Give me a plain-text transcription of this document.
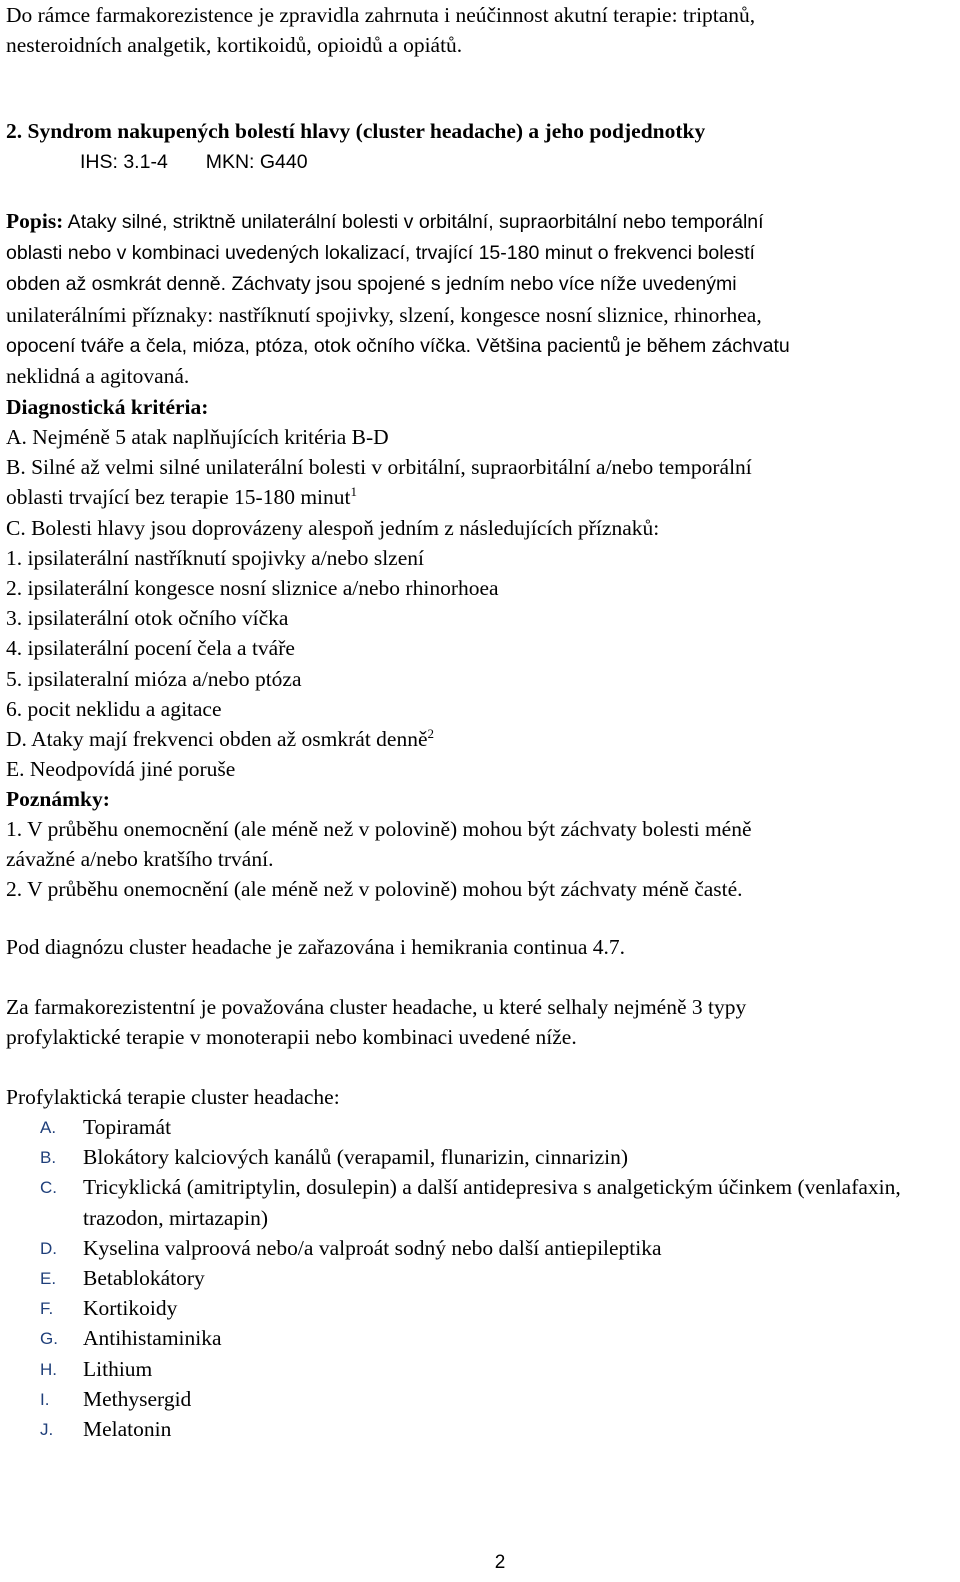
Do rámce farmakorezistence je zpravidla zahrnuta i neúčinnost akutní terapie: triptanů,
nesteroidních analgetik, kortikoidů, opioidů a opiátů.

2. Syndrom nakupených bolestí hlavy (cluster headache) a jeho podjednotky

IHS: 3.1-4       MKN: G440

Popis: Ataky silné, striktně unilaterální bolesti v orbitální, supraorbitální nebo temporální
oblasti nebo v kombinaci uvedených lokalizací, trvající 15-180 minut o frekvenci bolestí
obden až osmkrát denně. Záchvaty jsou spojené s jedním nebo více níže uvedenými
unilaterálními příznaky: nastříknutí spojivky, slzení, kongesce nosní sliznice, rhinorhea,
opocení tváře a čela, mióza, ptóza, otok očního víčka. Většina pacientů je během záchvatu
neklidná a agitovaná.

Diagnostická kritéria:

A. Nejméně 5 atak naplňujících kritéria B-D
B. Silné až velmi silné unilaterální bolesti v orbitální, supraorbitální a/nebo temporální
oblasti trvající bez terapie 15-180 minut$^1$
C. Bolesti hlavy jsou doprovázeny alespoň jedním z následujících příznaků:
1. ipsilaterální nastříknutí spojivky a/nebo slzení
2. ipsilaterální kongesce nosní sliznice a/nebo rhinorhoea
3. ipsilaterální otok očního víčka
4. ipsilaterální pocení čela a tváře
5. ipsilateralní mióza a/nebo ptóza
6. pocit neklidu a agitace
D. Ataky mají frekvenci obden až osmkrát denně$^2$
E. Neodpovídá jiné poruše

Poznámky:

1. V průběhu onemocnění (ale méně než v polovině) mohou být záchvaty bolesti méně
závažné a/nebo kratšího trvání.
2. V průběhu onemocnění (ale méně než v polovině) mohou být záchvaty méně časté.

Pod diagnózu cluster headache je zařazována i hemikrania continua 4.7.

Za farmakorezistentní je považována cluster headache, u které selhaly nejméně 3 typy
profylaktické terapie v monoterapii nebo kombinaci uvedené níže.

Profylaktická terapie cluster headache:

A. Topiramát
B. Blokátory kalciových kanálů (verapamil, flunarizin, cinnarizin)
C. Tricyklická (amitriptylin, dosulepin) a další antidepresiva s analgetickým účinkem (venlafaxin, trazodon, mirtazapin)
D. Kyselina valproová nebo/a valproát sodný nebo další antiepileptika
E. Betablokátory
F. Kortikoidy
G. Antihistaminika
H. Lithium
I. Methysergid
J. Melatonin
2
